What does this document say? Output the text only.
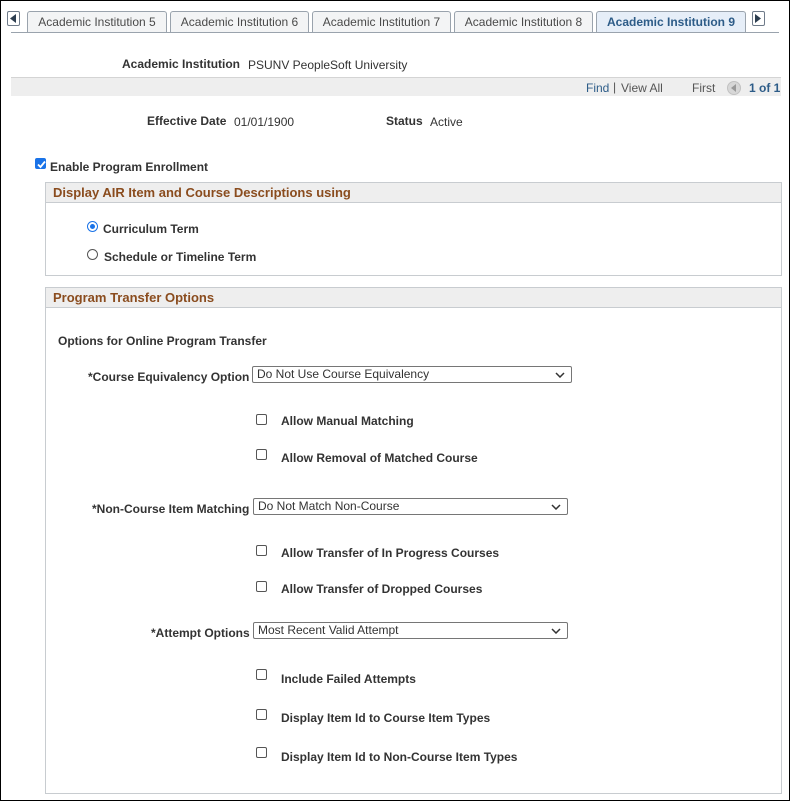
Academic Institution 5	Academic Institution 6	Academic Institution 7	Academic Institution 8	Academic Institution 9
Academic Institution PSUNV PeopleSoft University
Find | View All First	1 of 1
Effective Date 01/01/1900	Status Active
Enable Program Enrollment
Display AIR Item and Course Descriptions using
Curriculum Term
Schedule or Timeline Term
Program Transfer Options
Options for Online Program Transfer
*Course Equivalency Option Do Not Use Course Equivalency
Allow Manual Matching
Allow Removal of Matched Course
*Non-Course Item Matching Do Not Match Non-Course
Allow Transfer of In Progress Courses
Allow Transfer of Dropped Courses
*Attempt Options Most Recent Valid Attempt
Include Failed Attempts
Display Item Id to Course Item Types
Display Item Id to Non-Course Item Types
